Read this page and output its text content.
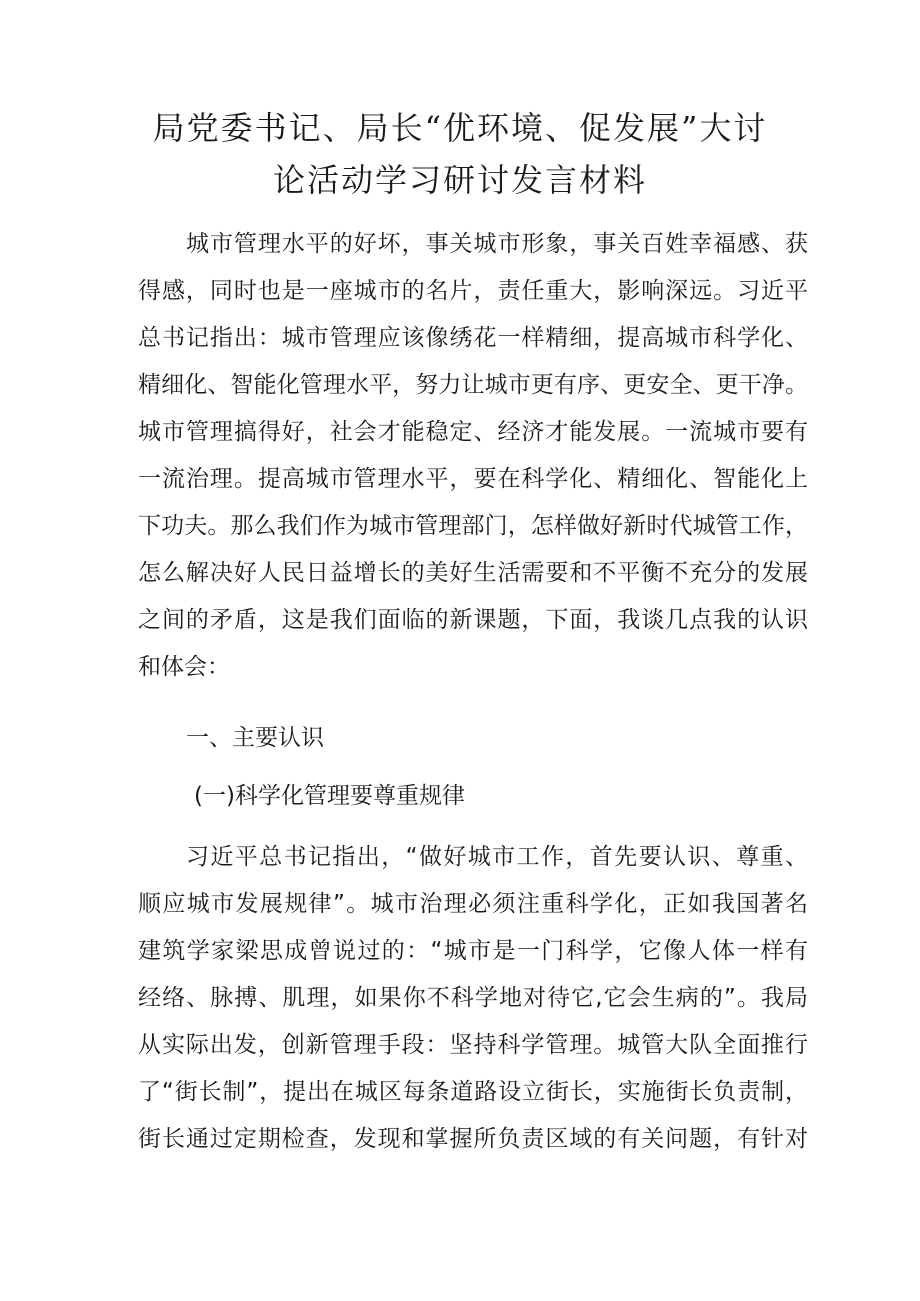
局党委书记、局长“优环境、促发展”大讨
论活动学习研讨发言材料
城市管理水平的好坏，事关城市形象，事关百姓幸福感、获
得感，同时也是一座城市的名片，责任重大，影响深远。习近平
总书记指出：城市管理应该像绣花一样精细，提高城市科学化、
精细化、智能化管理水平，努力让城市更有序、更安全、更干净。
城市管理搞得好，社会才能稳定、经济才能发展。一流城市要有
一流治理。提高城市管理水平，要在科学化、精细化、智能化上
下功夫。那么我们作为城市管理部门，怎样做好新时代城管工作，
怎么解决好人民日益增长的美好生活需要和不平衡不充分的发展
之间的矛盾，这是我们面临的新课题，下面，我谈几点我的认识
和体会：
一、主要认识
(一)科学化管理要尊重规律
习近平总书记指出，“做好城市工作，首先要认识、尊重、
顺应城市发展规律”。城市治理必须注重科学化，正如我国著名
建筑学家梁思成曾说过的：“城市是一门科学，它像人体一样有
经络、脉搏、肌理，如果你不科学地对待它,它会生病的”。我局
从实际出发，创新管理手段：坚持科学管理。城管大队全面推行
了“街长制”，提出在城区每条道路设立街长，实施街长负责制，
街长通过定期检查，发现和掌握所负责区域的有关问题，有针对
